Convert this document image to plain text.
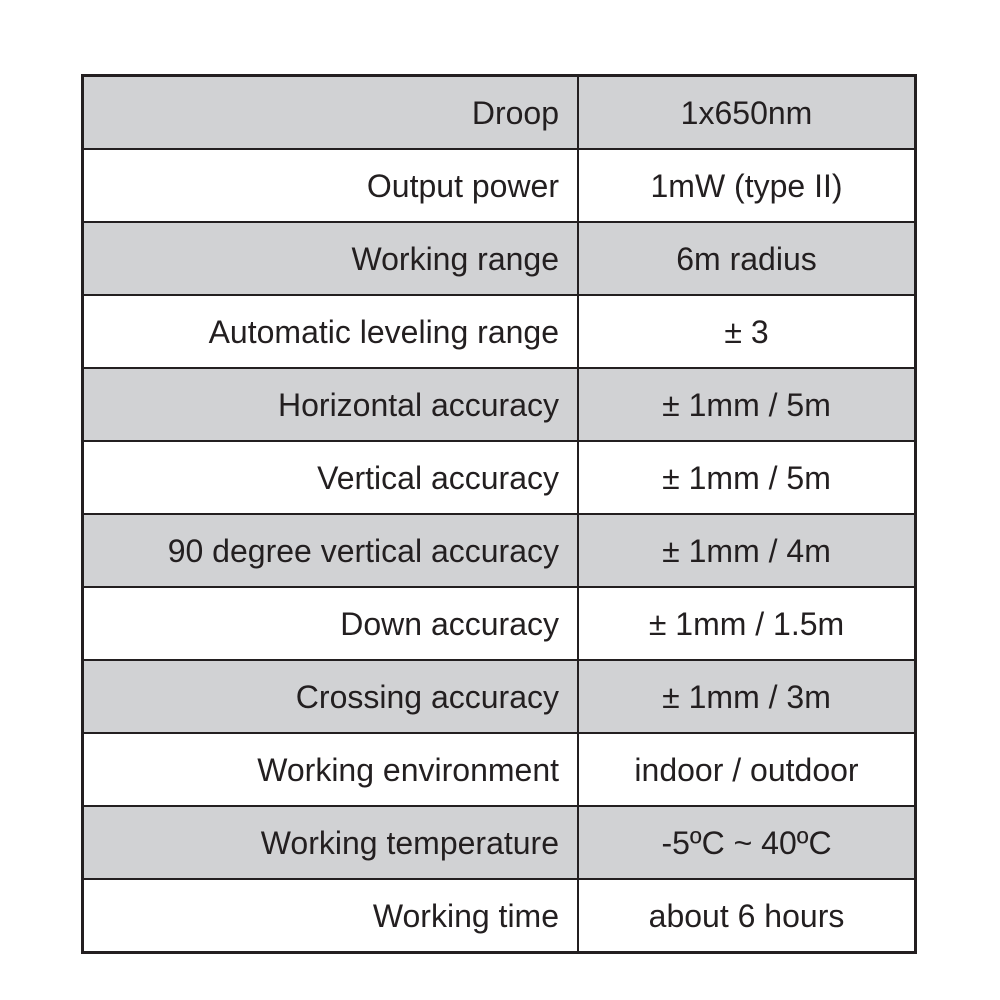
Droop	1x650nm
Output power	1mW (type II)
Working range	6m radius
Automatic leveling range	± 3
Horizontal accuracy	± 1mm / 5m
Vertical accuracy	± 1mm / 5m
90 degree vertical accuracy	± 1mm / 4m
Down accuracy	± 1mm / 1.5m
Crossing accuracy	± 1mm / 3m
Working environment	indoor / outdoor
Working temperature	-5ºC ~ 40ºC
Working time	about 6 hours
